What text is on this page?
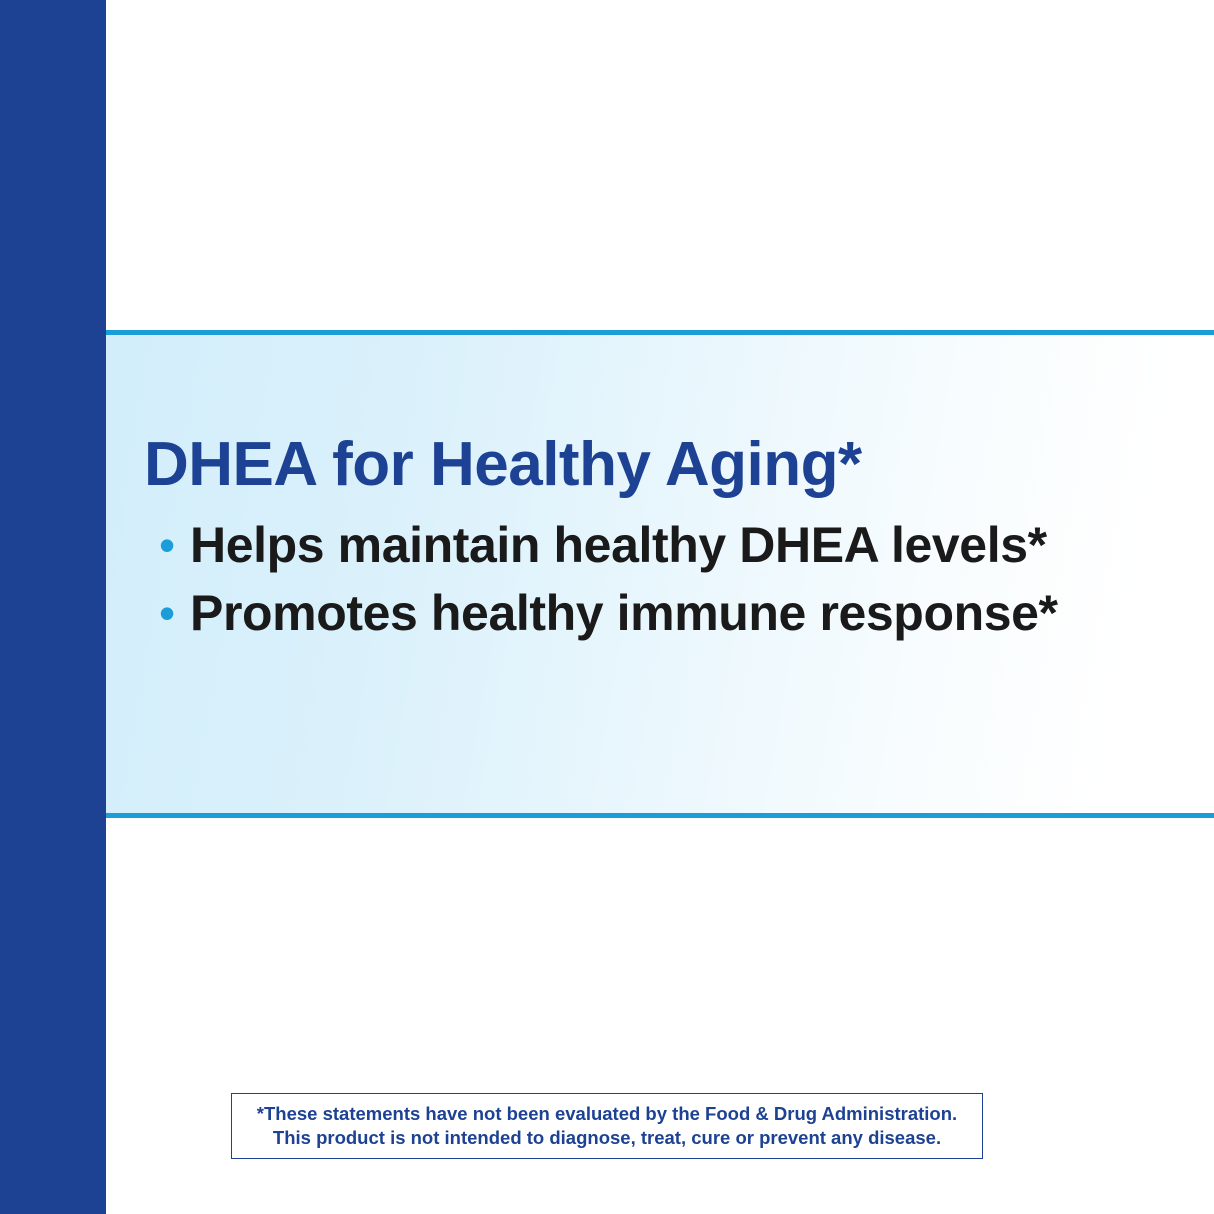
DHEA for Healthy Aging*
• Helps maintain healthy DHEA levels*
• Promotes healthy immune response*
*These statements have not been evaluated by the Food & Drug Administration.
This product is not intended to diagnose, treat, cure or prevent any disease.
